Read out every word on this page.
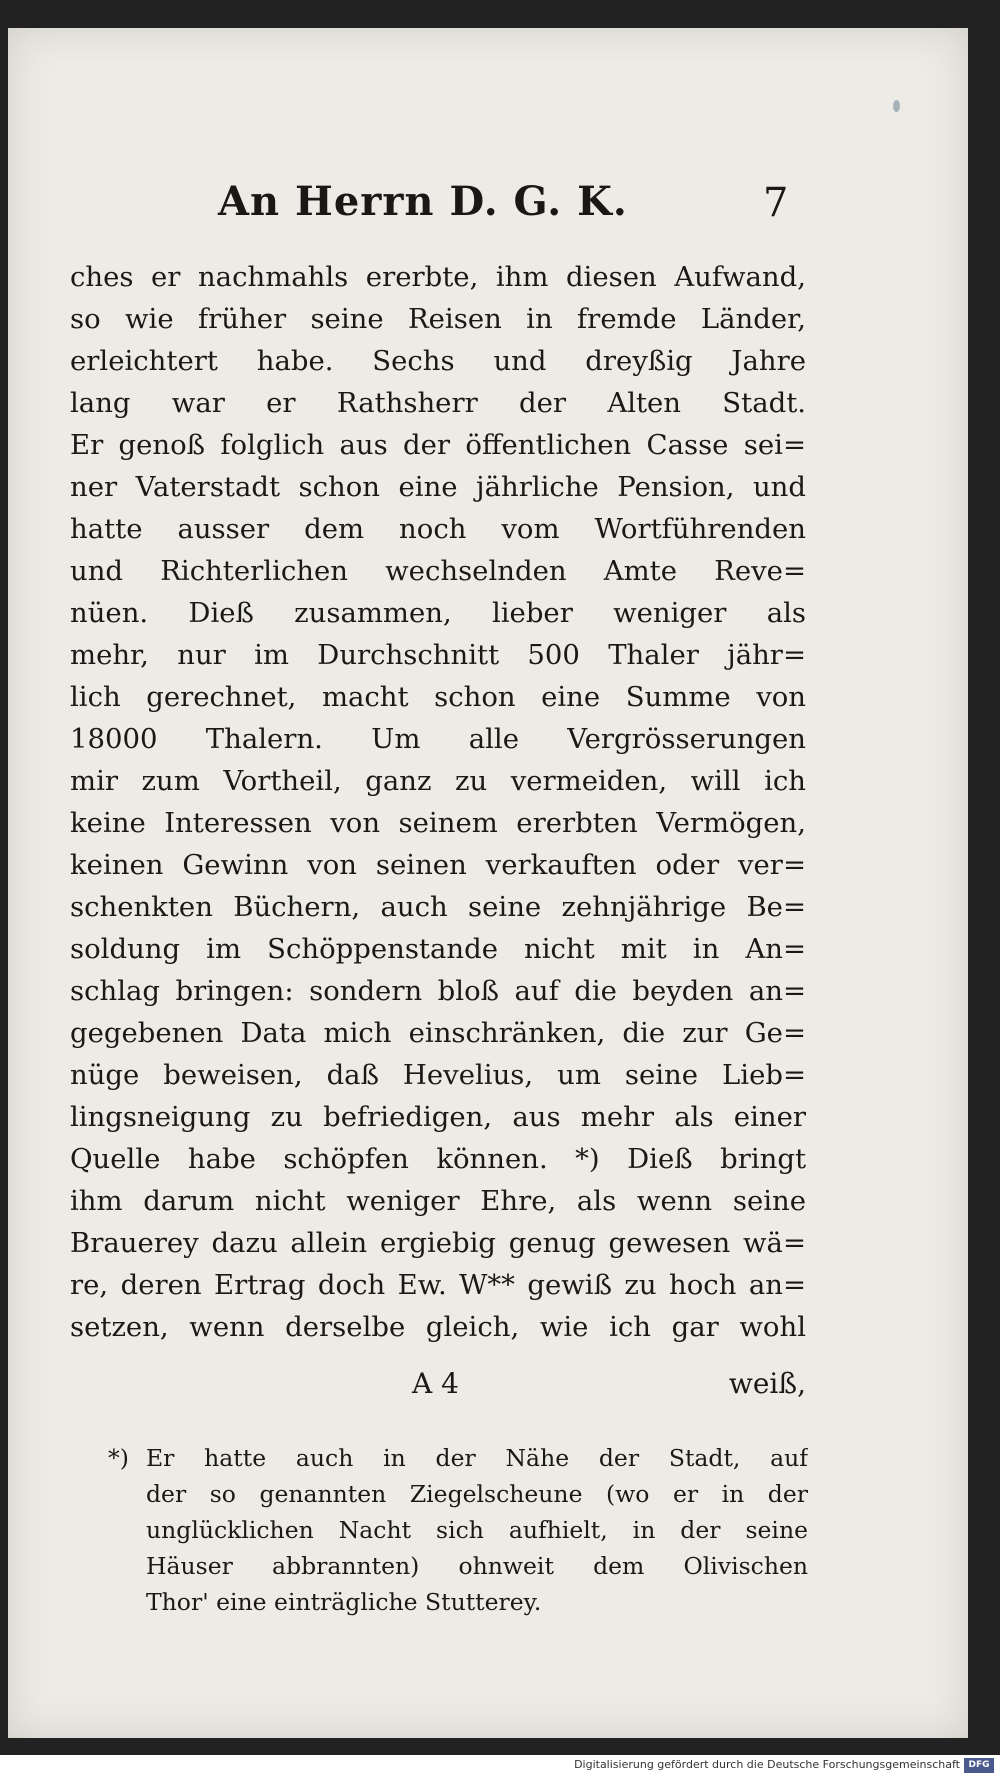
An Herrn D. G. K.	7
ches er nachmahls ererbte, ihm diesen Aufwand,
so wie früher seine Reisen in fremde Länder,
erleichtert habe. Sechs und dreyßig Jahre
lang war er Rathsherr der Alten Stadt.
Er genoß folglich aus der öffentlichen Casse sei=
ner Vaterstadt schon eine jährliche Pension, und
hatte ausser dem noch vom Wortführenden
und Richterlichen wechselnden Amte Reve=
nüen. Dieß zusammen, lieber weniger als
mehr, nur im Durchschnitt 500 Thaler jähr=
lich gerechnet, macht schon eine Summe von
18000 Thalern. Um alle Vergrösserungen
mir zum Vortheil, ganz zu vermeiden, will ich
keine Interessen von seinem ererbten Vermögen,
keinen Gewinn von seinen verkauften oder ver=
schenkten Büchern, auch seine zehnjährige Be=
soldung im Schöppenstande nicht mit in An=
schlag bringen: sondern bloß auf die beyden an=
gegebenen Data mich einschränken, die zur Ge=
nüge beweisen, daß Hevelius, um seine Lieb=
lingsneigung zu befriedigen, aus mehr als einer
Quelle habe schöpfen können. *) Dieß bringt
ihm darum nicht weniger Ehre, als wenn seine
Brauerey dazu allein ergiebig genug gewesen wä=
re, deren Ertrag doch Ew. W** gewiß zu hoch an=
setzen, wenn derselbe gleich, wie ich gar wohl
A 4	weiß,
*) Er hatte auch in der Nähe der Stadt, auf
der so genannten Ziegelscheune (wo er in der
unglücklichen Nacht sich aufhielt, in der seine
Häuser abbrannten) ohnweit dem Olivischen
Thor' eine einträgliche Stutterey.
Digitalisierung gefördert durch die Deutsche Forschungsgemeinschaft DFG
